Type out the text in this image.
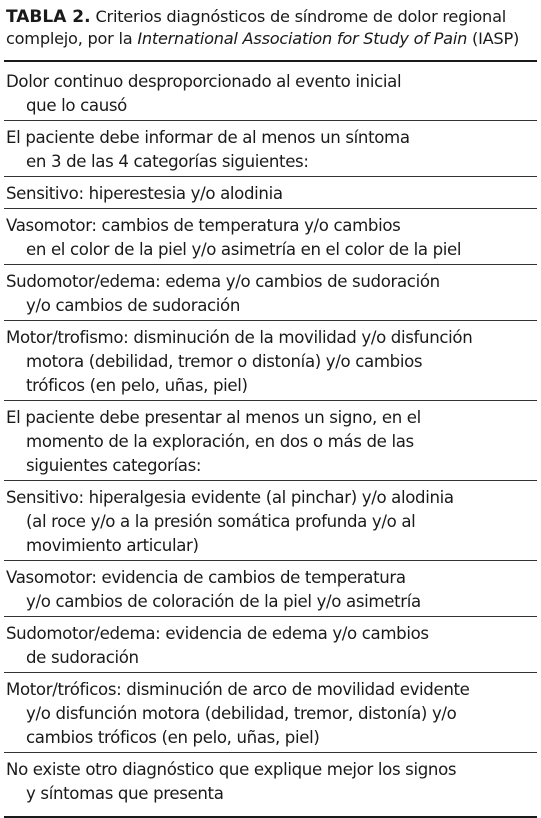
TABLA 2. Criterios diagnósticos de síndrome de dolor regional
complejo, por la International Association for Study of Pain (IASP)
Dolor continuo desproporcionado al evento inicial
que lo causó
El paciente debe informar de al menos un síntoma
en 3 de las 4 categorías siguientes:
Sensitivo: hiperestesia y/o alodinia
Vasomotor: cambios de temperatura y/o cambios
en el color de la piel y/o asimetría en el color de la piel
Sudomotor/edema: edema y/o cambios de sudoración
y/o cambios de sudoración
Motor/trofismo: disminución de la movilidad y/o disfunción
motora (debilidad, tremor o distonía) y/o cambios
tróficos (en pelo, uñas, piel)
El paciente debe presentar al menos un signo, en el
momento de la exploración, en dos o más de las
siguientes categorías:
Sensitivo: hiperalgesia evidente (al pinchar) y/o alodinia
(al roce y/o a la presión somática profunda y/o al
movimiento articular)
Vasomotor: evidencia de cambios de temperatura
y/o cambios de coloración de la piel y/o asimetría
Sudomotor/edema: evidencia de edema y/o cambios
de sudoración
Motor/tróficos: disminución de arco de movilidad evidente
y/o disfunción motora (debilidad, tremor, distonía) y/o
cambios tróficos (en pelo, uñas, piel)
No existe otro diagnóstico que explique mejor los signos
y síntomas que presenta
